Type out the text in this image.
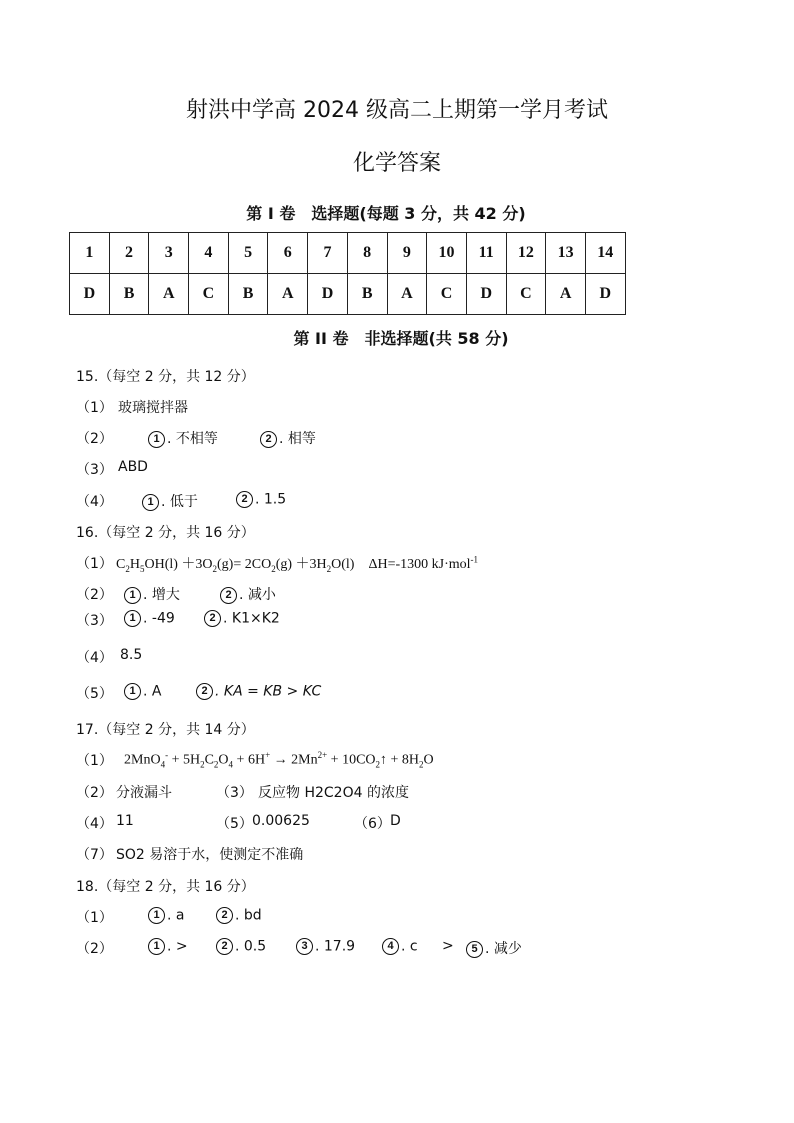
射洪中学高 2024 级高二上期第一学月考试
化学答案
第 I 卷　选择题(每题 3 分，共 42 分)
1	2	3	4	5	6	7	8	9	10	11	12	13	14
D	B	A	C	B	A	D	B	A	C	D	C	A	D
第 II 卷　非选择题(共 58 分)
15.（每空 2 分，共 12 分）
（1） 玻璃搅拌器
（2）	1 . 不相等	2 . 相等
（3） ABD
（4）	1 . 低于	2 . 1.5
16.（每空 2 分，共 16 分）
（1） $C_2H_5OH(l) +3O_2(g)= 2CO_2(g) +3H_2O(l)$    ΔH=-1300 kJ·mol$^{-1}$
（2）	1 . 增大	2 . 减小
（3）	1 . -49	2 . K1×K2
（4） 8.5
（5）	1 . A	2 . KA = KB > KC
17.（每空 2 分，共 14 分）
（1） $2MnO_4^- + 5H_2C_2O_4 + 6H^+ \to 2Mn^{2+}$ + $10CO_2↑ + 8H_2O$
（2） 分液漏斗	（3） 反应物 H2C2O4 的浓度
（4） 11	（5） 0.00625	（6） D
（7） SO2 易溶于水，使测定不准确
18.（每空 2 分，共 16 分）
（1）	1 . a	2 . bd
（2）	1 . >	2 . 0.5	3 . 17.9	4 . c >	5 . 减少
